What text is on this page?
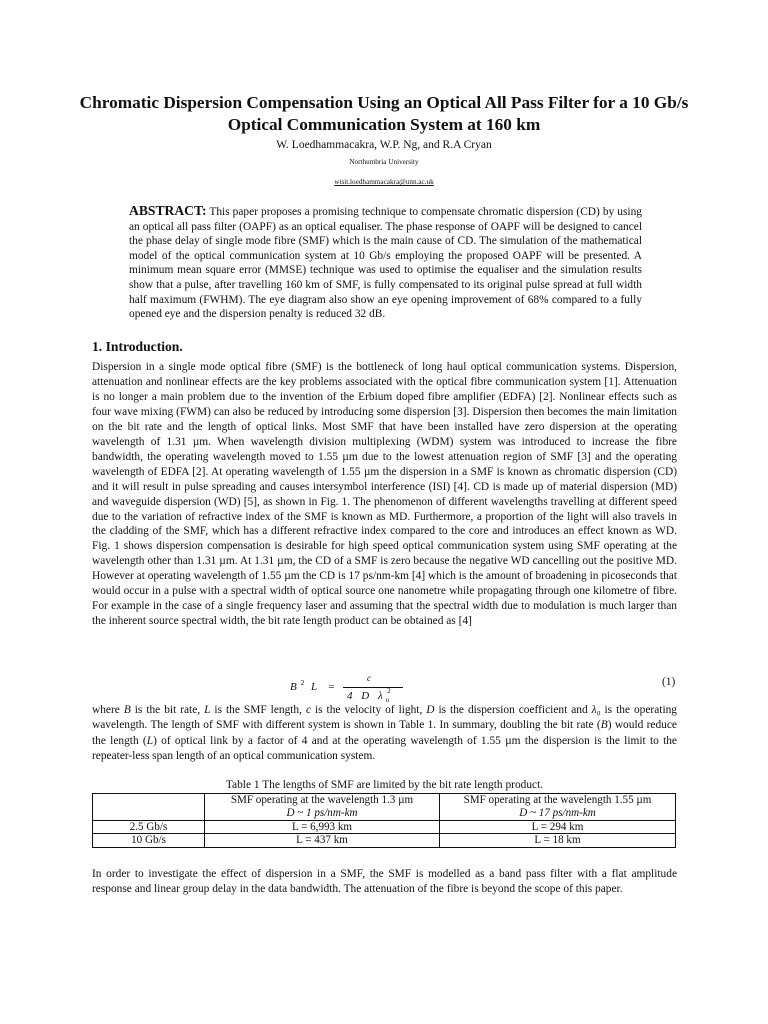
Chromatic Dispersion Compensation Using an Optical All Pass Filter for a 10 Gb/s Optical Communication System at 160 km
W. Loedhammacakra, W.P. Ng, and R.A Cryan
Northumbria University
wisit.loedhammacakra@unn.ac.uk
ABSTRACT: This paper proposes a promising technique to compensate chromatic dispersion (CD) by using an optical all pass filter (OAPF) as an optical equaliser. The phase response of OAPF will be designed to cancel the phase delay of single mode fibre (SMF) which is the main cause of CD. The simulation of the mathematical model of the optical communication system at 10 Gb/s employing the proposed OAPF will be presented. A minimum mean square error (MMSE) technique was used to optimise the equaliser and the simulation results show that a pulse, after travelling 160 km of SMF, is fully compensated to its original pulse spread at full width half maximum (FWHM). The eye diagram also show an eye opening improvement of 68% compared to a fully opened eye and the dispersion penalty is reduced 32 dB.
1. Introduction.
Dispersion in a single mode optical fibre (SMF) is the bottleneck of long haul optical communication systems. Dispersion, attenuation and nonlinear effects are the key problems associated with the optical fibre communication system [1]. Attenuation is no longer a main problem due to the invention of the Erbium doped fibre amplifier (EDFA) [2]. Nonlinear effects such as four wave mixing (FWM) can also be reduced by introducing some dispersion [3]. Dispersion then becomes the main limitation on the bit rate and the length of optical links. Most SMF that have been installed have zero dispersion at the operating wavelength of 1.31 µm. When wavelength division multiplexing (WDM) system was introduced to increase the fibre bandwidth, the operating wavelength moved to 1.55 µm due to the lowest attenuation region of SMF [3] and the operating wavelength of EDFA [2]. At operating wavelength of 1.55 µm the dispersion in a SMF is known as chromatic dispersion (CD) and it will result in pulse spreading and causes intersymbol interference (ISI) [4]. CD is made up of material dispersion (MD) and waveguide dispersion (WD) [5], as shown in Fig. 1. The phenomenon of different wavelengths travelling at different speed due to the variation of refractive index of the SMF is known as MD. Furthermore, a proportion of the light will also travels in the cladding of the SMF, which has a different refractive index compared to the core and introduces an effect known as WD. Fig. 1 shows dispersion compensation is desirable for high speed optical communication system using SMF operating at the wavelength other than 1.31 µm. At 1.31 µm, the CD of a SMF is zero because the negative WD cancelling out the positive MD. However at operating wavelength of 1.55 µm the CD is 17 ps/nm-km [4] which is the amount of broadening in picoseconds that would occur in a pulse with a spectral width of optical source one nanometre while propagating through one kilometre of fibre. For example in the case of a single frequency laser and assuming that the spectral width due to modulation is much larger than the inherent source spectral width, the bit rate length product can be obtained as [4]
$B^2$ L =
c
4 D $\lambda_o^2$
(1)
where B is the bit rate, L is the SMF length, c is the velocity of light, D is the dispersion coefficient and λ₀ is the operating wavelength. The length of SMF with different system is shown in Table 1. In summary, doubling the bit rate (B) would reduce the length (L) of optical link by a factor of 4 and at the operating wavelength of 1.55 µm the dispersion is the limit to the repeater-less span length of an optical communication system.
Table 1 The lengths of SMF are limited by the bit rate length product.
	SMF operating at the wavelength 1.3 µm
D ~ 1 ps/nm-km	SMF operating at the wavelength 1.55 µm
D ~ 17 ps/nm-km
2.5 Gb/s	L = 6,993 km	L = 294 km
10 Gb/s	L = 437 km	L = 18 km
In order to investigate the effect of dispersion in a SMF, the SMF is modelled as a band pass filter with a flat amplitude response and linear group delay in the data bandwidth. The attenuation of the fibre is beyond the scope of this paper.
